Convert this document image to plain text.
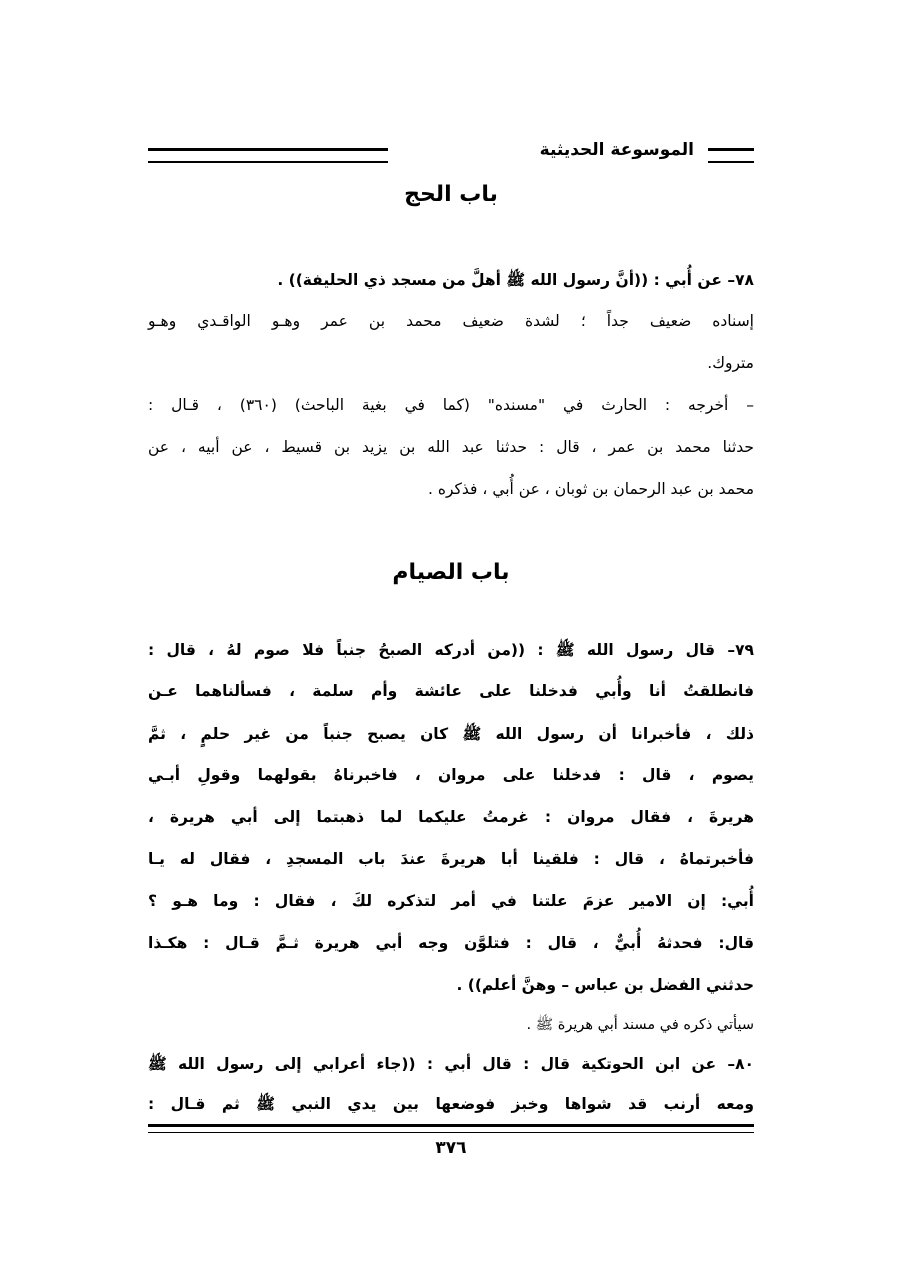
الموسوعة الحديثية
باب الحج
٧٨– عن أُبي : ((أنَّ رسول الله ﷺ أهلَّ من مسجد ذي الحليفة)) .
إسناده ضعيف جداً ؛ لشدة ضعيف محمد بن عمر وهـو الواقـدي وهـو
متروك.
– أخرجه : الحارث في "مسنده" (كما في بغية الباحث) (٣٦٠) ، قـال :
حدثنا محمد بن عمر ، قال : حدثنا عبد الله بن يزيد بن قسيط ، عن أبيه ، عن
محمد بن عبد الرحمان بن ثوبان ، عن أُبي ، فذكره .
باب الصيام
٧٩– قال رسول الله ﷺ : ((من أدركه الصبحُ جنباً فلا صوم لهُ ، قال :
فانطلقتُ أنا وأُبي فدخلنا على عائشة وأم سلمة ، فسألناهما عـن
ذلك ، فأخبرانا أن رسول الله ﷺ كان يصبح جنباً من غير حلمٍ ، ثمَّ
يصوم ، قال : فدخلنا على مروان ، فاخبرناهُ بقولهما وقولِ أبـي
هريرةَ ، فقال مروان : غرمتُ عليكما لما ذهبتما إلى أبي هريرة ،
فأخبرتماهُ ، قال : فلقينا أبا هريرةَ عندَ باب المسجدِ ، فقال له يـا
أُبي: إن الامير عزمَ علتنا في أمر لتذكره لكَ ، فقال : وما هـو ؟
قال: فحدثهُ أُبيٌّ ، قال : فتلوَّن وجه أبي هريرة ثـمَّ قـال : هكـذا
حدثني الفضل بن عباس – وهنَّ أعلم)) .
سيأتي ذكره في مسند أبي هريرة ﷺ .
٨٠– عن ابن الحوتكية قال : قال أبي : ((جاء أعرابي إلى رسول الله ﷺ
ومعه أرنب قد شواها وخبز فوضعها بين يدي النبي ﷺ ثم قـال :
٣٧٦
